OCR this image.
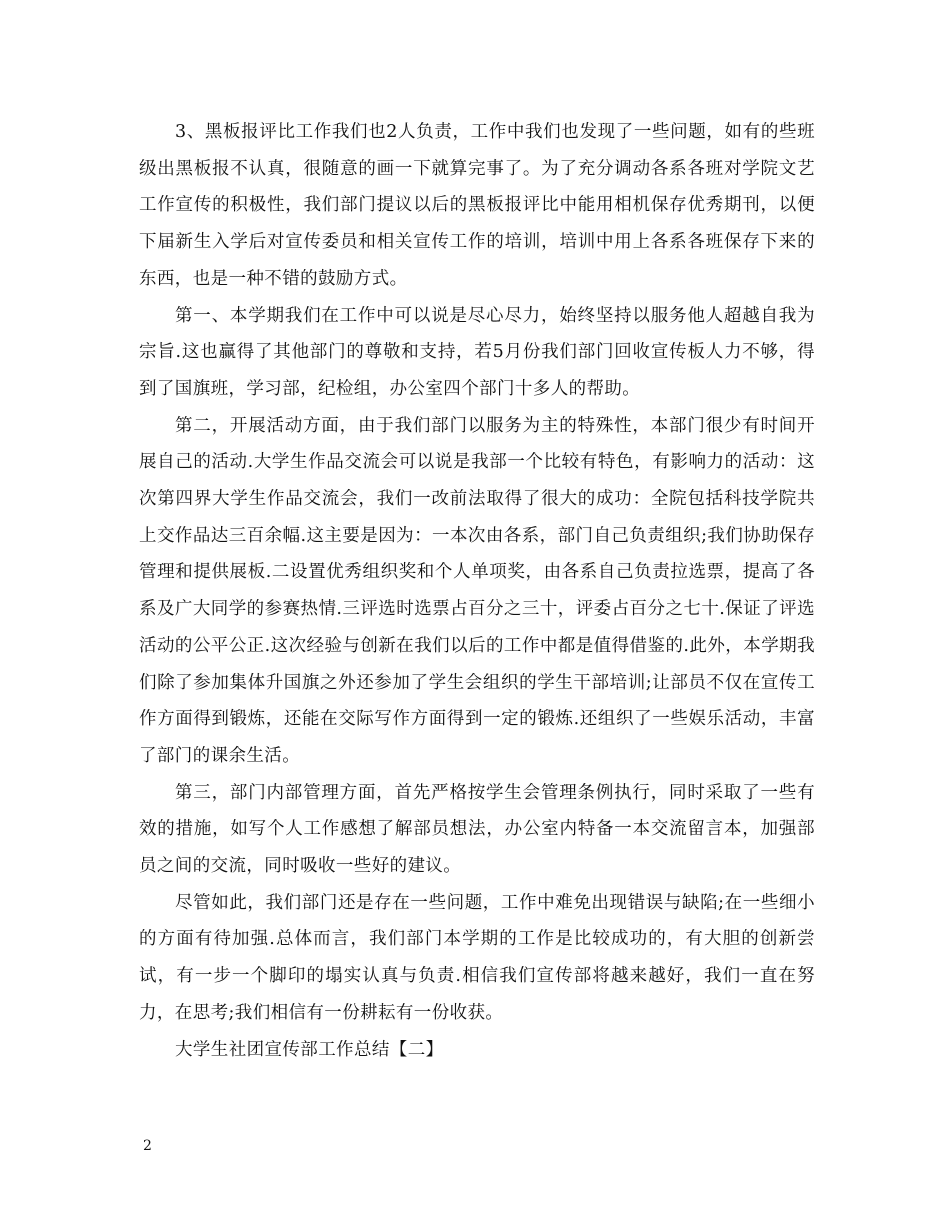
3、黑板报评比工作我们也2人负责，工作中我们也发现了一些问题，如有的些班级出黑板报不认真，很随意的画一下就算完事了。为了充分调动各系各班对学院文艺工作宣传的积极性，我们部门提议以后的黑板报评比中能用相机保存优秀期刊，以便下届新生入学后对宣传委员和相关宣传工作的培训，培训中用上各系各班保存下来的东西，也是一种不错的鼓励方式。

第一、本学期我们在工作中可以说是尽心尽力，始终坚持以服务他人超越自我为宗旨.这也赢得了其他部门的尊敬和支持，若5月份我们部门回收宣传板人力不够，得到了国旗班，学习部，纪检组，办公室四个部门十多人的帮助。

第二，开展活动方面，由于我们部门以服务为主的特殊性，本部门很少有时间开展自己的活动.大学生作品交流会可以说是我部一个比较有特色，有影响力的活动：这次第四界大学生作品交流会，我们一改前法取得了很大的成功：全院包括科技学院共上交作品达三百余幅.这主要是因为：一本次由各系，部门自己负责组织;我们协助保存管理和提供展板.二设置优秀组织奖和个人单项奖，由各系自己负责拉选票，提高了各系及广大同学的参赛热情.三评选时选票占百分之三十，评委占百分之七十.保证了评选活动的公平公正.这次经验与创新在我们以后的工作中都是值得借鉴的.此外，本学期我们除了参加集体升国旗之外还参加了学生会组织的学生干部培训;让部员不仅在宣传工作方面得到锻炼，还能在交际写作方面得到一定的锻炼.还组织了一些娱乐活动，丰富了部门的课余生活。

第三，部门内部管理方面，首先严格按学生会管理条例执行，同时采取了一些有效的措施，如写个人工作感想了解部员想法，办公室内特备一本交流留言本，加强部员之间的交流，同时吸收一些好的建议。

尽管如此，我们部门还是存在一些问题，工作中难免出现错误与缺陷;在一些细小的方面有待加强.总体而言，我们部门本学期的工作是比较成功的，有大胆的创新尝试，有一步一个脚印的塌实认真与负责.相信我们宣传部将越来越好，我们一直在努力，在思考;我们相信有一份耕耘有一份收获。

大学生社团宣传部工作总结【二】

2
